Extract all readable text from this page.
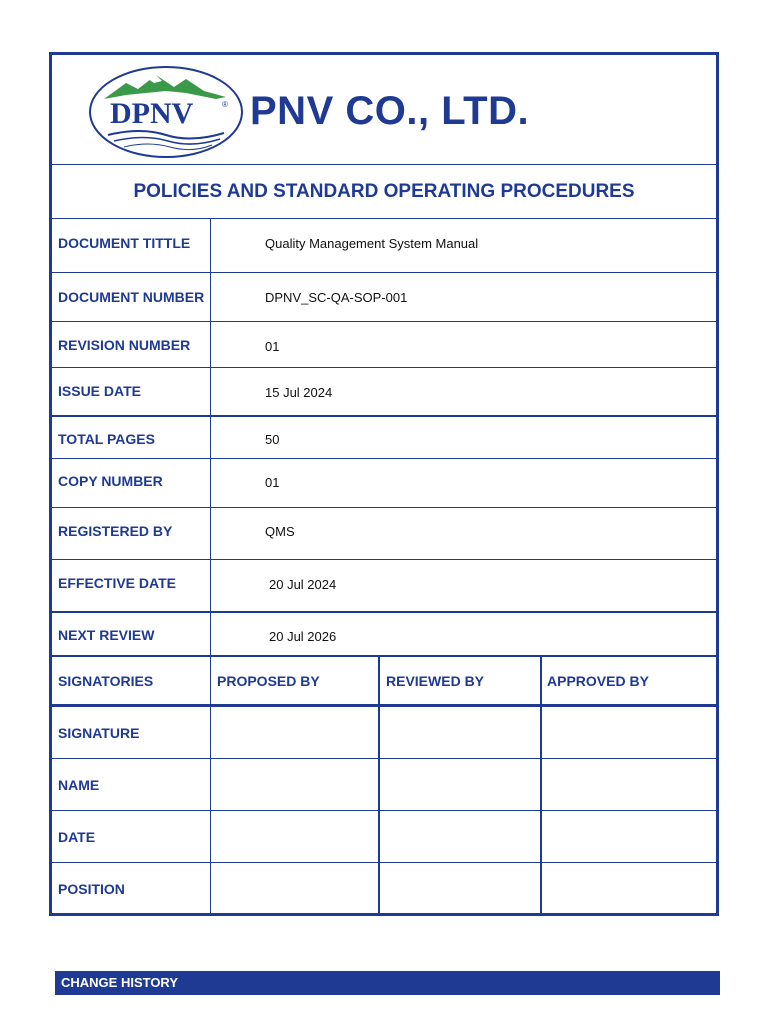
DPNV	® PNV CO., LTD.
POLICIES AND STANDARD OPERATING PROCEDURES
DOCUMENT TITTLE	Quality Management System Manual
DOCUMENT NUMBER	DPNV_SC-QA-SOP-001
REVISION NUMBER	01
ISSUE DATE	15 Jul 2024
TOTAL PAGES	50
COPY NUMBER	01
REGISTERED BY	QMS
EFFECTIVE DATE	20 Jul 2024
NEXT REVIEW	20 Jul 2026
SIGNATORIES	PROPOSED BY	REVIEWED BY	APPROVED BY
SIGNATURE
NAME
DATE
POSITION
CHANGE HISTORY
